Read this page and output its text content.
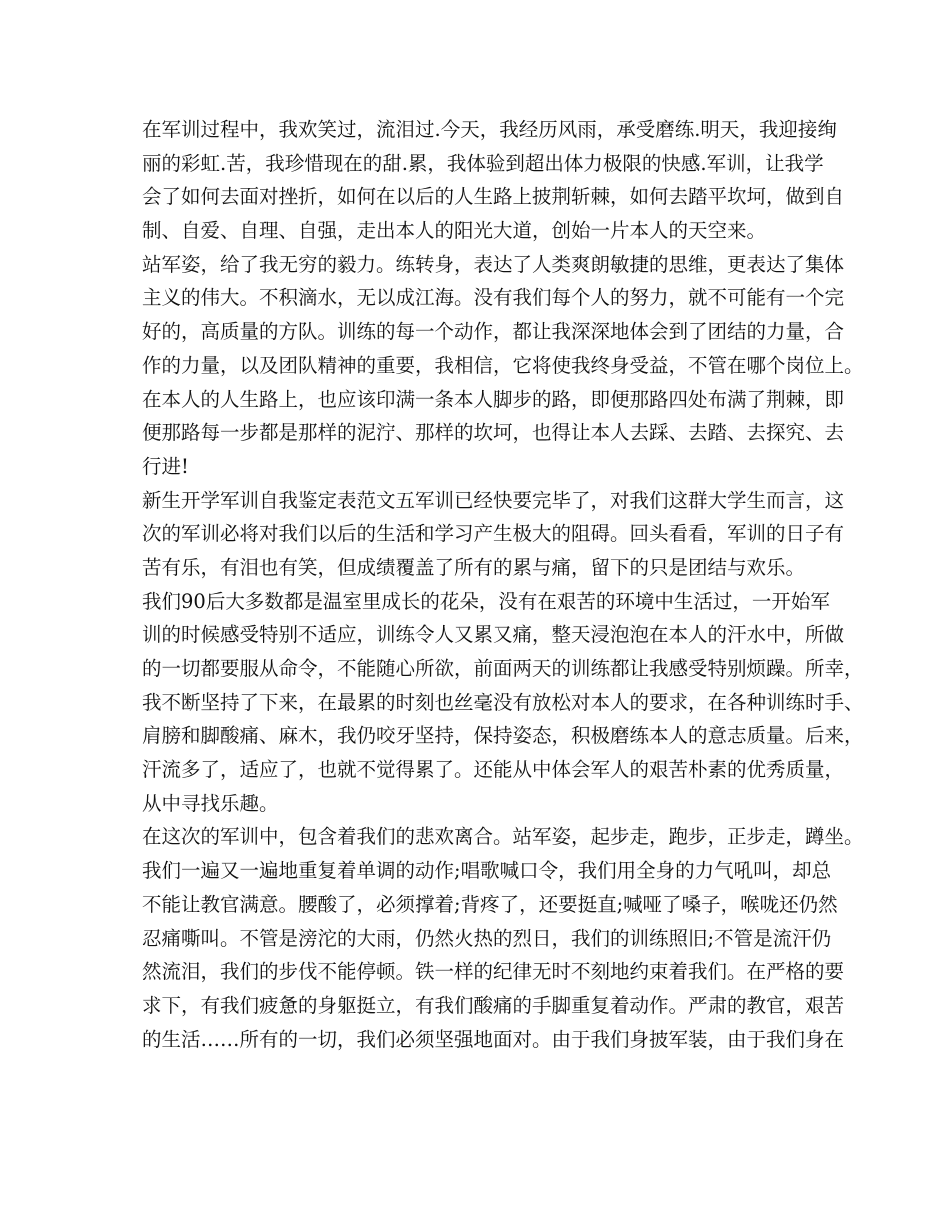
在军训过程中，我欢笑过，流泪过.今天，我经历风雨，承受磨练.明天，我迎接绚
丽的彩虹.苦，我珍惜现在的甜.累，我体验到超出体力极限的快感.军训，让我学
会了如何去面对挫折，如何在以后的人生路上披荆斩棘，如何去踏平坎坷，做到自
制、自爱、自理、自强，走出本人的阳光大道，创始一片本人的天空来。
站军姿，给了我无穷的毅力。练转身，表达了人类爽朗敏捷的思维，更表达了集体
主义的伟大。不积滴水，无以成江海。没有我们每个人的努力，就不可能有一个完
好的，高质量的方队。训练的每一个动作，都让我深深地体会到了团结的力量，合
作的力量，以及团队精神的重要，我相信，它将使我终身受益，不管在哪个岗位上。
在本人的人生路上，也应该印满一条本人脚步的路，即便那路四处布满了荆棘，即
便那路每一步都是那样的泥泞、那样的坎坷，也得让本人去踩、去踏、去探究、去
行进!
新生开学军训自我鉴定表范文五军训已经快要完毕了，对我们这群大学生而言，这
次的军训必将对我们以后的生活和学习产生极大的阻碍。回头看看，军训的日子有
苦有乐，有泪也有笑，但成绩覆盖了所有的累与痛，留下的只是团结与欢乐。
我们90后大多数都是温室里成长的花朵，没有在艰苦的环境中生活过，一开始军
训的时候感受特别不适应，训练令人又累又痛，整天浸泡泡在本人的汗水中，所做
的一切都要服从命令，不能随心所欲，前面两天的训练都让我感受特别烦躁。所幸，
我不断坚持了下来，在最累的时刻也丝毫没有放松对本人的要求，在各种训练时手、
肩膀和脚酸痛、麻木，我仍咬牙坚持，保持姿态，积极磨练本人的意志质量。后来，
汗流多了，适应了，也就不觉得累了。还能从中体会军人的艰苦朴素的优秀质量，
从中寻找乐趣。
在这次的军训中，包含着我们的悲欢离合。站军姿，起步走，跑步，正步走，蹲坐。
我们一遍又一遍地重复着单调的动作;唱歌喊口令，我们用全身的力气吼叫，却总
不能让教官满意。腰酸了，必须撑着;背疼了，还要挺直;喊哑了嗓子，喉咙还仍然
忍痛嘶叫。不管是滂沱的大雨，仍然火热的烈日，我们的训练照旧;不管是流汗仍
然流泪，我们的步伐不能停顿。铁一样的纪律无时不刻地约束着我们。在严格的要
求下，有我们疲惫的身躯挺立，有我们酸痛的手脚重复着动作。严肃的教官，艰苦
的生活……所有的一切，我们必须坚强地面对。由于我们身披军装，由于我们身在
